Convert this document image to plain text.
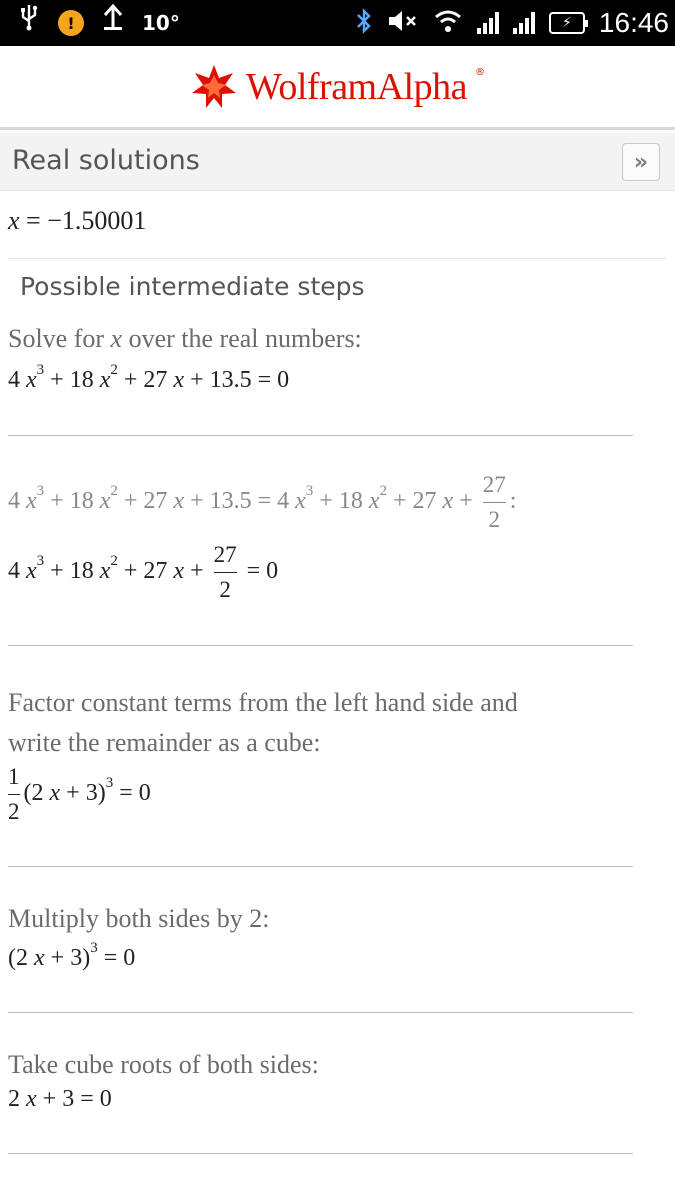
!	10°	⚡ 16:46
WolframAlpha ®
Real solutions	»
x = −1.50001
Possible intermediate steps
Solve for x over the real numbers:
4 $x^3 + 18$ $x^2 + 27$ x + 13.5 = 0
4 $x^3 + 18$ $x^2 + 27$ x + 13.5 = 4 $x^3 + 18$ $x^2 + 27$ $x + \frac{27}{2}$ :
4 $x^3 + 18$ $x^2 + 27$ $x + \frac{27}{2} = 0$
Factor constant terms from the left hand side and
write the remainder as a cube:
$\frac{1}{2} (2$ x + 3)$^3$ = 0
Multiply both sides by 2:
(2 x + 3)$^3$ = 0
Take cube roots of both sides:
2 x + 3 = 0
